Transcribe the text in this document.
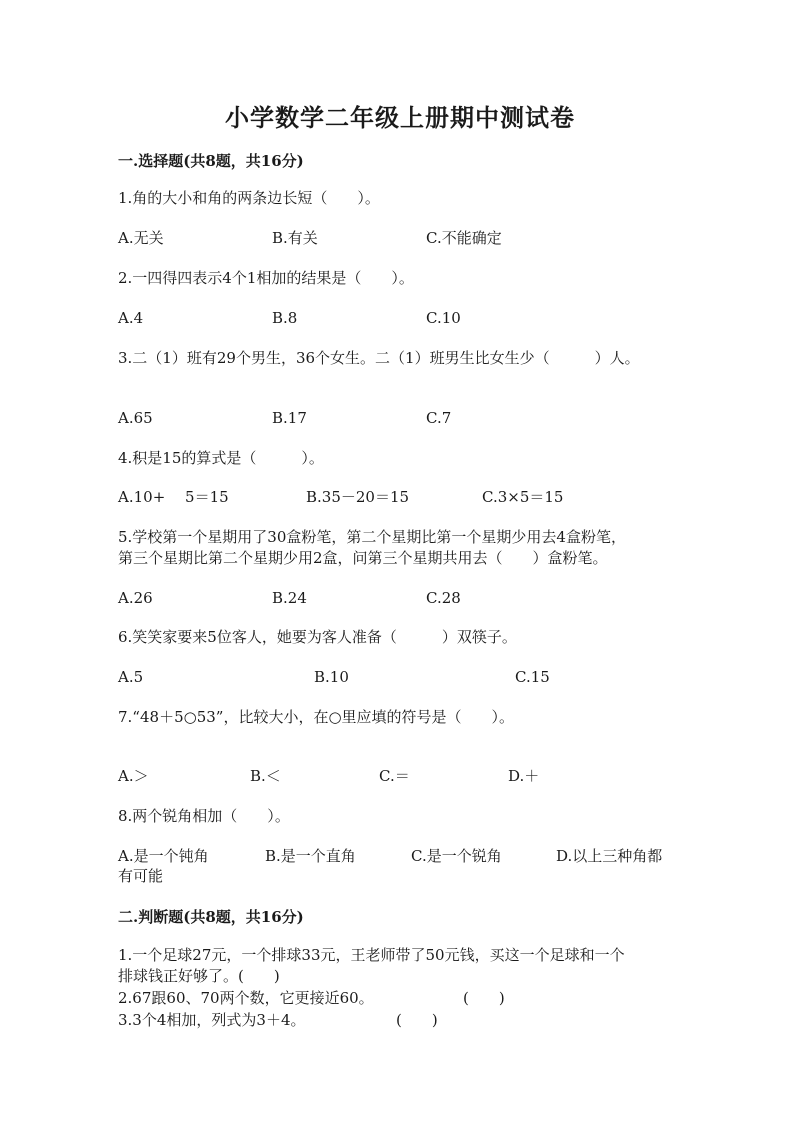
小学数学二年级上册期中测试卷
一.选择题(共8题，共16分)
1.角的大小和角的两条边长短（　　）。
A.无关	B.有关	C.不能确定
2.一四得四表示4个1相加的结果是（　　）。
A.4	B.8	C.10
3.二（1）班有29个男生，36个女生。二（1）班男生比女生少（　　　）人。
A.65	B.17	C.7
4.积是15的算式是（　　　）。
A.10+　 5＝15	B.35－20＝15	C.3×5＝15
5.学校第一个星期用了30盒粉笔，第二个星期比第一个星期少用去4盒粉笔，
第三个星期比第二个星期少用2盒，问第三个星期共用去（　　）盒粉笔。
A.26	B.24	C.28
6.笑笑家要来5位客人，她要为客人准备（　　　）双筷子。
A.5	B.10	C.15
7.“48＋5○53”，比较大小，在○里应填的符号是（　　）。
A.＞	B.＜	C.＝	D.＋
8.两个锐角相加（　　）。
A.是一个钝角	B.是一个直角	C.是一个锐角	D.以上三种角都
有可能
二.判断题(共8题，共16分)
1.一个足球27元，一个排球33元，王老师带了50元钱，买这一个足球和一个
排球钱正好够了。(　　)
2.67跟60、70两个数，它更接近60。	(　　)
3.3个4相加，列式为3＋4。	(　　)
